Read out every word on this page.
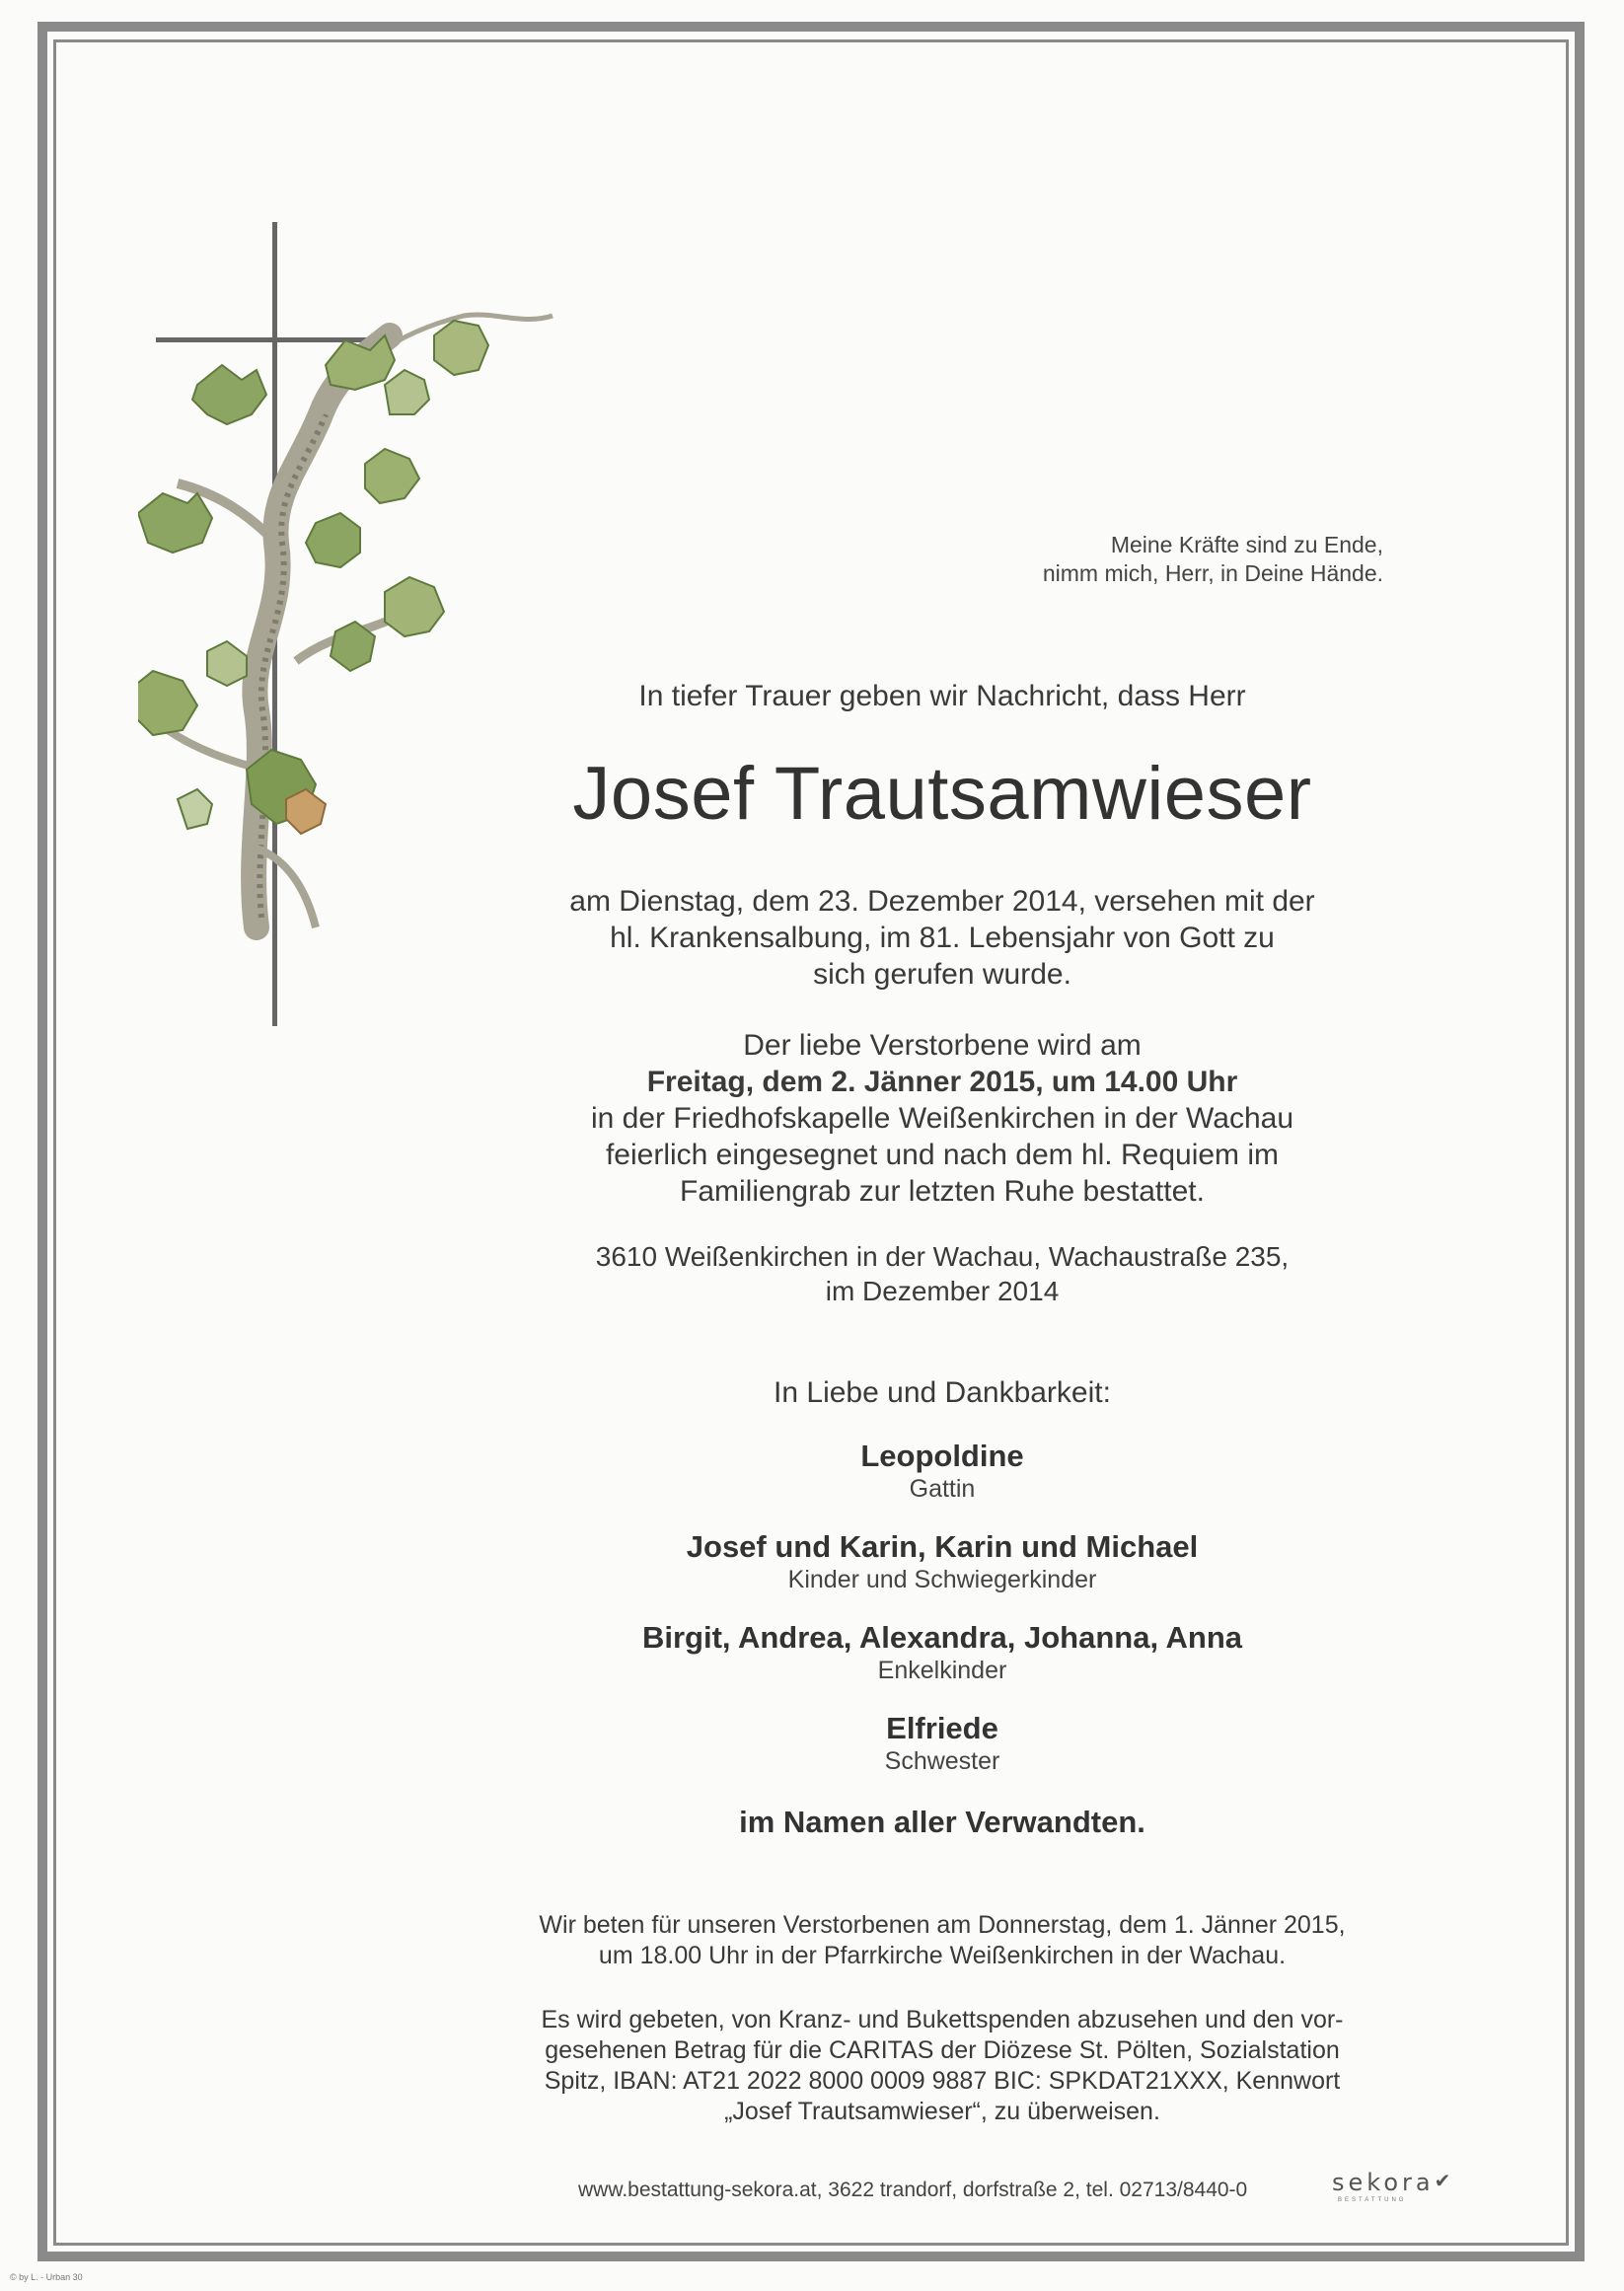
Meine Kräfte sind zu Ende,
nimm mich, Herr, in Deine Hände.
In tiefer Trauer geben wir Nachricht, dass Herr
Josef Trautsamwieser
am Dienstag, dem 23. Dezember 2014, versehen mit der
hl. Krankensalbung, im 81. Lebensjahr von Gott zu
sich gerufen wurde.
Der liebe Verstorbene wird am
Freitag, dem 2. Jänner 2015, um 14.00 Uhr
in der Friedhofskapelle Weißenkirchen in der Wachau
feierlich eingesegnet und nach dem hl. Requiem im
Familiengrab zur letzten Ruhe bestattet.
3610 Weißenkirchen in der Wachau, Wachaustraße 235,
im Dezember 2014
In Liebe und Dankbarkeit:
Leopoldine
Gattin
Josef und Karin, Karin und Michael
Kinder und Schwiegerkinder
Birgit, Andrea, Alexandra, Johanna, Anna
Enkelkinder
Elfriede
Schwester
im Namen aller Verwandten.
Wir beten für unseren Verstorbenen am Donnerstag, dem 1. Jänner 2015,
um 18.00 Uhr in der Pfarrkirche Weißenkirchen in der Wachau.
Es wird gebeten, von Kranz- und Bukettspenden abzusehen und den vor-
gesehenen Betrag für die CARITAS der Diözese St. Pölten, Sozialstation
Spitz, IBAN: AT21 2022 8000 0009 9887 BIC: SPKDAT21XXX, Kennwort
„Josef Trautsamwieser“, zu überweisen.
www.bestattung-sekora.at, 3622 trandorf, dorfstraße 2, tel. 02713/8440-0	sekora✔
BESTATTUNG
© by L. - Urban 30
